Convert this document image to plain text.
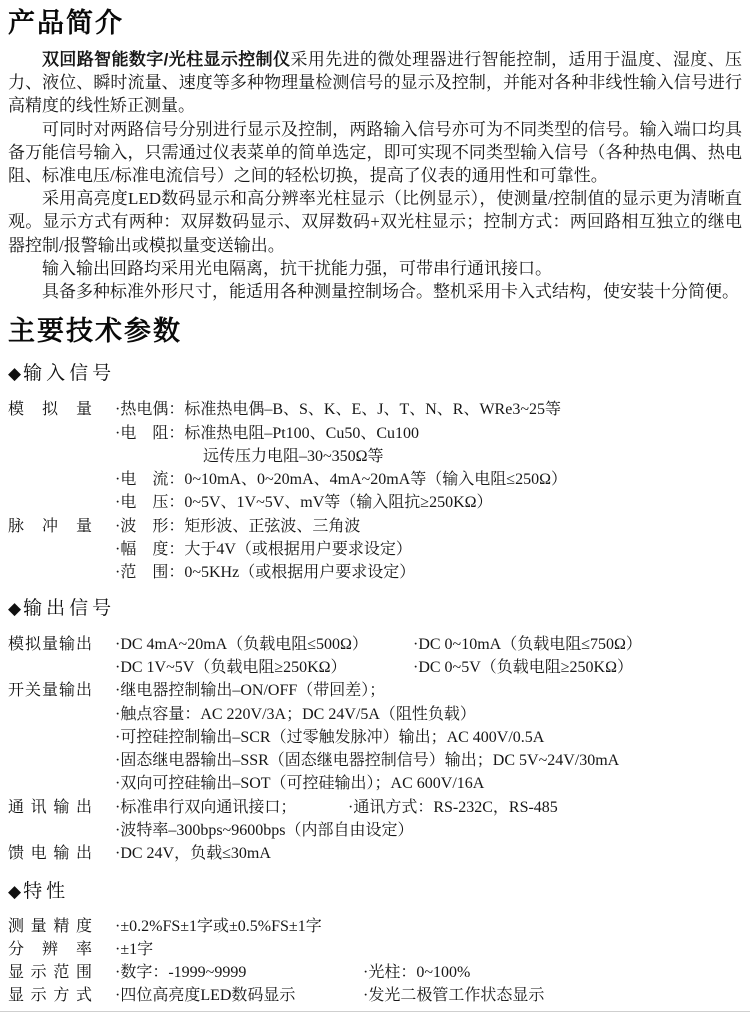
产品简介

双回路智能数字/光柱显示控制仪采用先进的微处理器进行智能控制，适用于温度、湿度、压力、液位、瞬时流量、速度等多种物理量检测信号的显示及控制，并能对各种非线性输入信号进行高精度的线性矫正测量。

可同时对两路信号分别进行显示及控制，两路输入信号亦可为不同类型的信号。输入端口均具备万能信号输入，只需通过仪表菜单的简单选定，即可实现不同类型输入信号（各种热电偶、热电阻、标准电压/标准电流信号）之间的轻松切换，提高了仪表的通用性和可靠性。

采用高亮度LED数码显示和高分辨率光柱显示（比例显示），使测量/控制值的显示更为清晰直观。显示方式有两种：双屏数码显示、双屏数码+双光柱显示；控制方式：两回路相互独立的继电器控制/报警输出或模拟量变送输出。

输入输出回路均采用光电隔离，抗干扰能力强，可带串行通讯接口。

具备多种标准外形尺寸，能适用各种测量控制场合。整机采用卡入式结构，使安装十分简便。

主要技术参数
◆ 输入信号
模拟量 ·热电偶：标准热电偶–B、S、K、E、J、T、N、R、WRe3~25等
·电　阻：标准热电阻–Pt100、Cu50、Cu100
远传压力电阻–30~350Ω等
·电　流：0~10mA、0~20mA、4mA~20mA等（输入电阻≤250Ω）
·电　压：0~5V、1V~5V、mV等（输入阻抗≥250KΩ）
脉冲量 ·波　形：矩形波、正弦波、三角波
·幅　度：大于4V（或根据用户要求设定）
·范　围：0~5KHz（或根据用户要求设定）
◆ 输出信号
模拟量输出 ·DC 4mA~20mA（负载电阻≤500Ω）	·DC 0~10mA（负载电阻≤750Ω）
·DC 1V~5V（负载电阻≥250KΩ）	·DC 0~5V（负载电阻≥250KΩ）
开关量输出 ·继电器控制输出–ON/OFF（带回差）；
·触点容量：AC 220V/3A；DC 24V/5A（阻性负载）
·可控硅控制输出–SCR（过零触发脉冲）输出；AC 400V/0.5A
·固态继电器输出–SSR（固态继电器控制信号）输出；DC 5V~24V/30mA
·双向可控硅输出–SOT（可控硅输出）；AC 600V/16A
通讯输出 ·标准串行双向通讯接口；	·通讯方式：RS-232C，RS-485
·波特率–300bps~9600bps（内部自由设定）
馈电输出 ·DC 24V，负载≤30mA
◆ 特性
测量精度 ·±0.2%FS±1字或±0.5%FS±1字
分辨率 ·±1字
显示范围 ·数字：-1999~9999	·光柱：0~100%
显示方式 ·四位高亮度LED数码显示	·发光二极管工作状态显示
